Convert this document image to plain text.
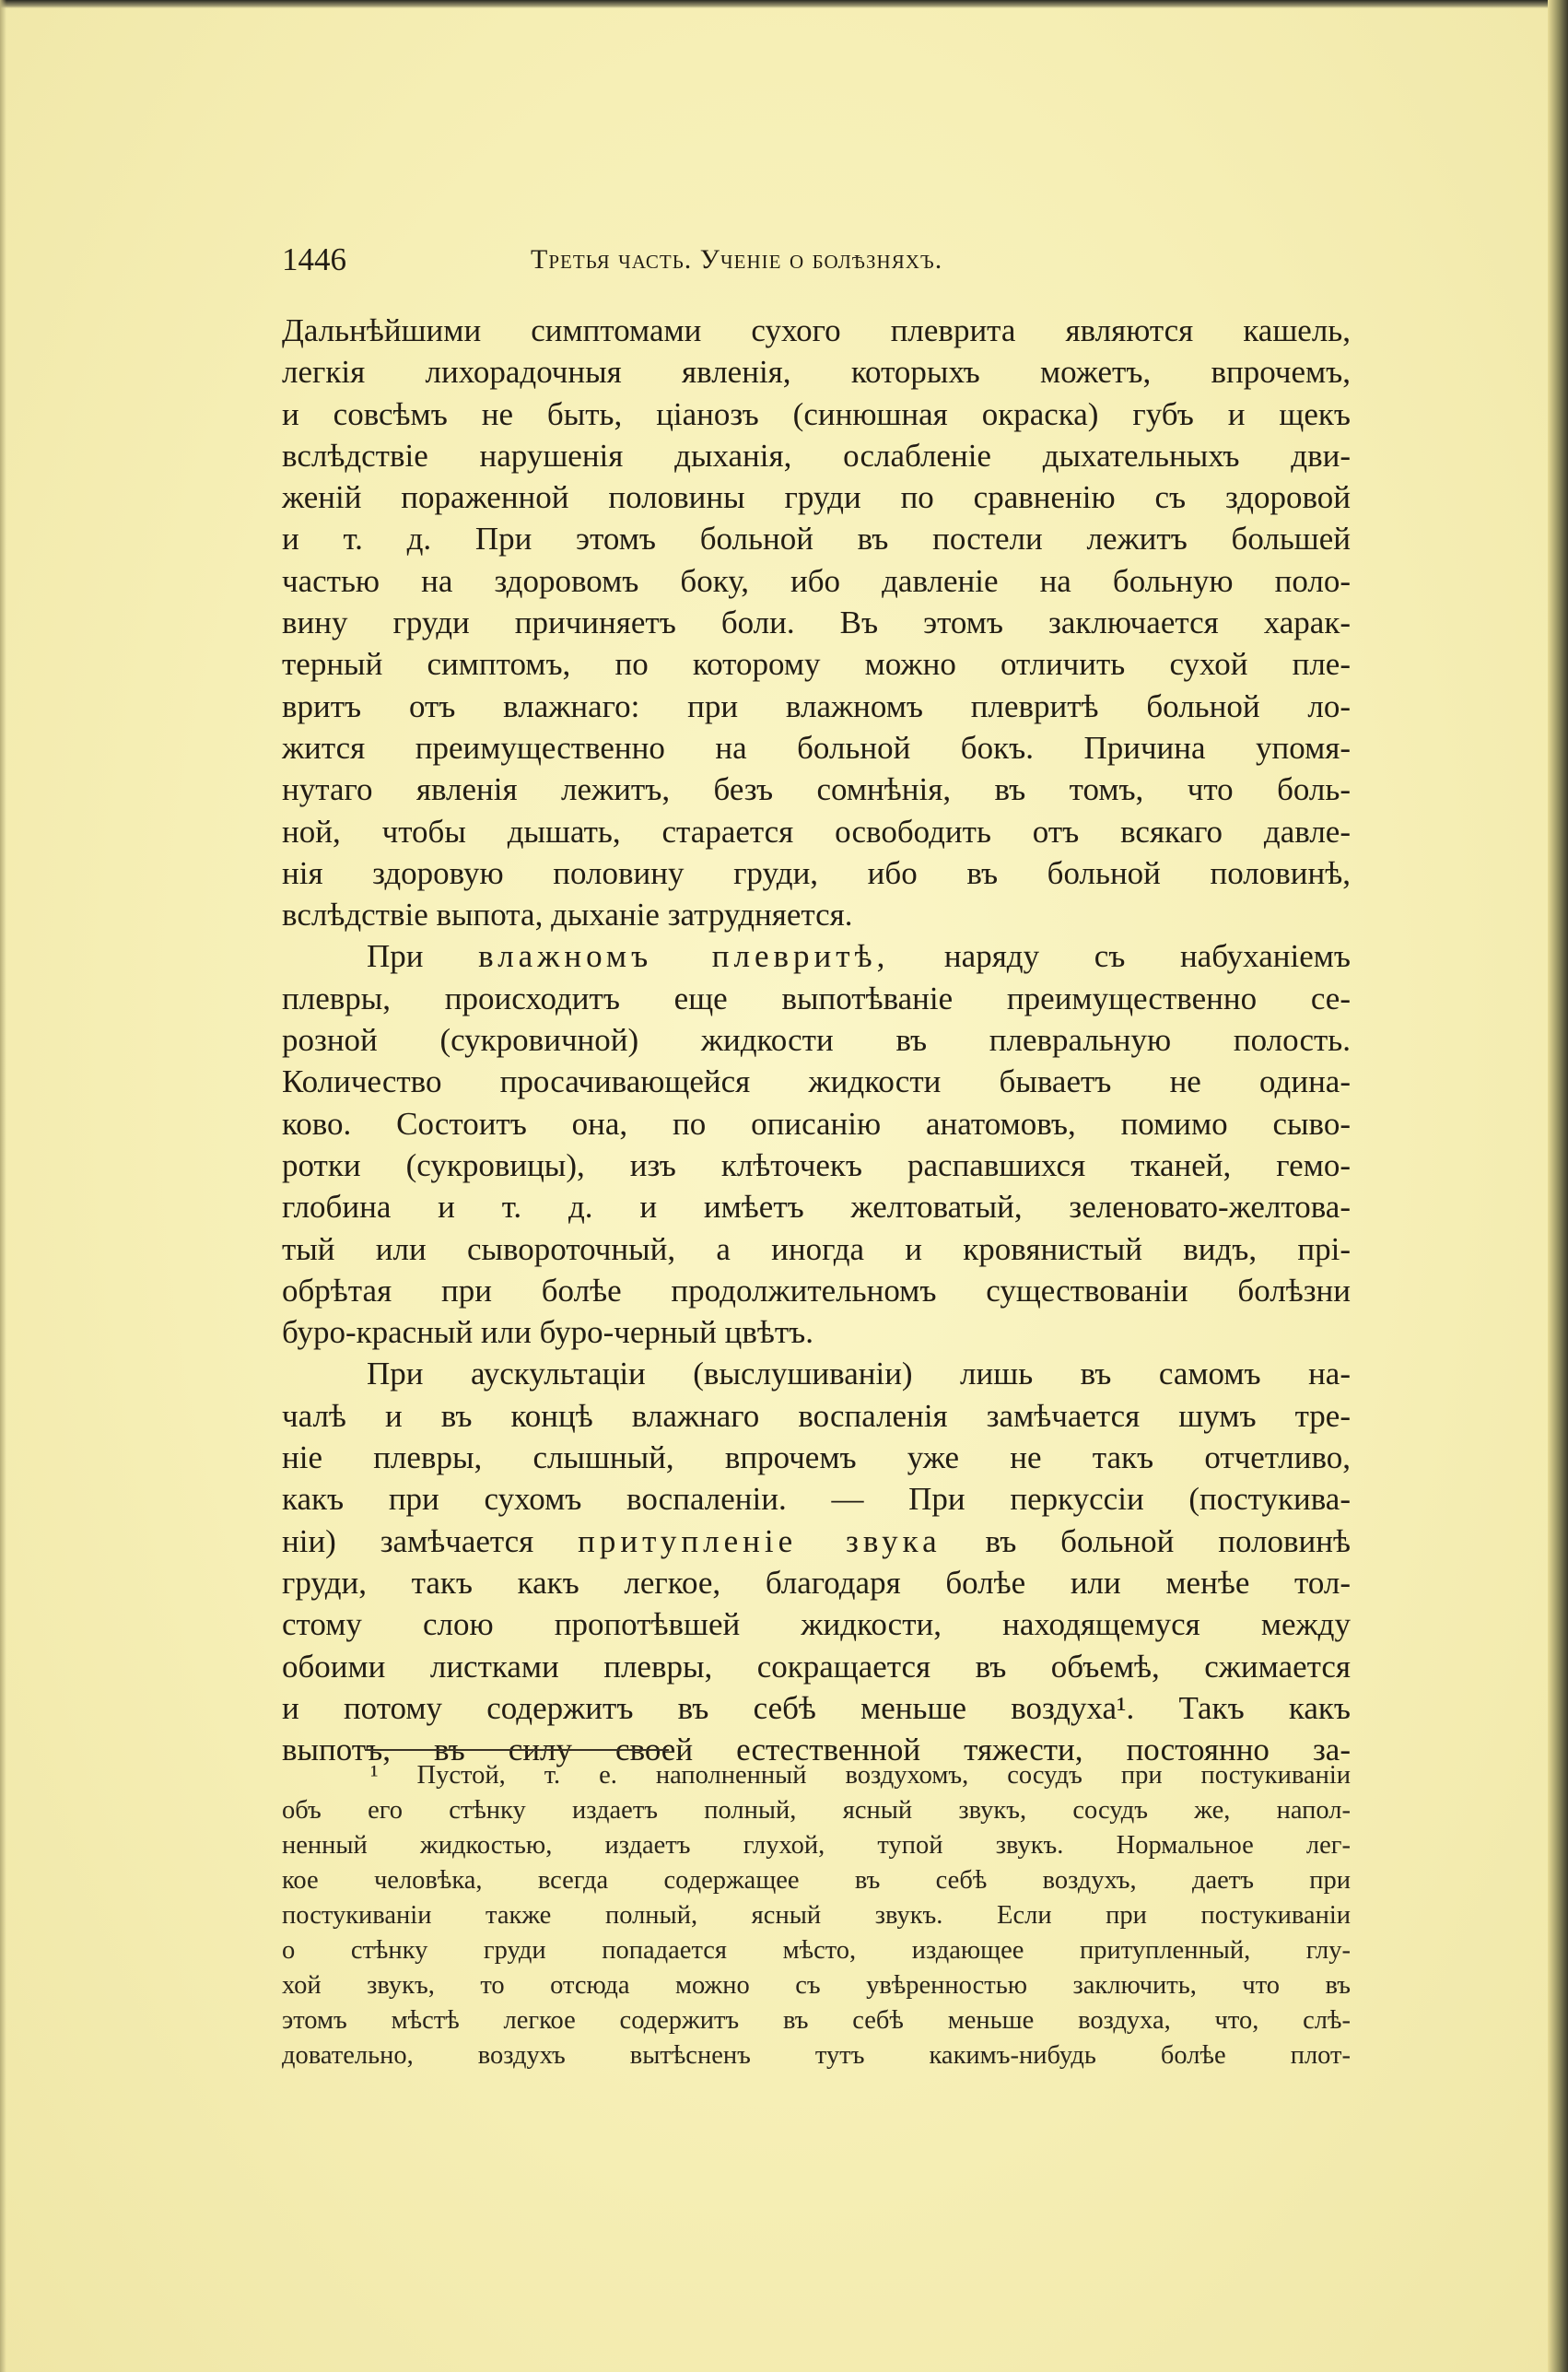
1446	Третья часть. Ученіе о болѣзняхъ.
Дальнѣйшими симптомами сухого плеврита являются кашель,
легкія лихорадочныя явленія, которыхъ можетъ, впрочемъ,
и совсѣмъ не быть, ціанозъ (синюшная окраска) губъ и щекъ
вслѣдствіе нарушенія дыханія, ослабленіе дыхательныхъ дви-
женій пораженной половины груди по сравненію съ здоровой
и т. д. При этомъ больной въ постели лежитъ большей
частью на здоровомъ боку, ибо давленіе на больную поло-
вину груди причиняетъ боли. Въ этомъ заключается харак-
терный симптомъ, по которому можно отличить сухой пле-
вритъ отъ влажнаго: при влажномъ плевритѣ больной ло-
жится преимущественно на больной бокъ. Причина упомя-
нутаго явленія лежитъ, безъ сомнѣнія, въ томъ, что боль-
ной, чтобы дышать, старается освободить отъ всякаго давле-
нія здоровую половину груди, ибо въ больной половинѣ,
вслѣдствіе выпота, дыханіе затрудняется.
При влажномъ плевритѣ, наряду съ набуханіемъ
плевры, происходитъ еще выпотѣваніе преимущественно се-
розной (сукровичной) жидкости въ плевральную полость.
Количество просачивающейся жидкости бываетъ не одина-
ково. Состоитъ она, по описанію анатомовъ, помимо сыво-
ротки (сукровицы), изъ клѣточекъ распавшихся тканей, гемо-
глобина и т. д. и имѣетъ желтоватый, зеленовато-желтова-
тый или сывороточный, а иногда и кровянистый видъ, прі-
обрѣтая при болѣе продолжительномъ существованіи болѣзни
буро-красный или буро-черный цвѣтъ.
При аускультаціи (выслушиваніи) лишь въ самомъ на-
чалѣ и въ концѣ влажнаго воспаленія замѣчается шумъ тре-
ніе плевры, слышный, впрочемъ уже не такъ отчетливо,
какъ при сухомъ воспаленіи. — При перкуссіи (постукива-
ніи) замѣчается притупленіе звука въ больной половинѣ
груди, такъ какъ легкое, благодаря болѣе или менѣе тол-
стому слою пропотѣвшей жидкости, находящемуся между
обоими листками плевры, сокращается въ объемѣ, сжимается
и потому содержитъ въ себѣ меньше воздуха¹. Такъ какъ
выпотъ, въ силу своей естественной тяжести, постоянно за-
¹ Пустой, т. е. наполненный воздухомъ, сосудъ при постукиваніи
объ его стѣнку издаетъ полный, ясный звукъ, сосудъ же, напол-
ненный жидкостью, издаетъ глухой, тупой звукъ. Нормальное лег-
кое человѣка, всегда содержащее въ себѣ воздухъ, даетъ при
постукиваніи также полный, ясный звукъ. Если при постукиваніи
о стѣнку груди попадается мѣсто, издающее притупленный, глу-
хой звукъ, то отсюда можно съ увѣренностью заключить, что въ
этомъ мѣстѣ легкое содержитъ въ себѣ меньше воздуха, что, слѣ-
довательно, воздухъ вытѣсненъ тутъ какимъ-нибудь болѣе плот-
